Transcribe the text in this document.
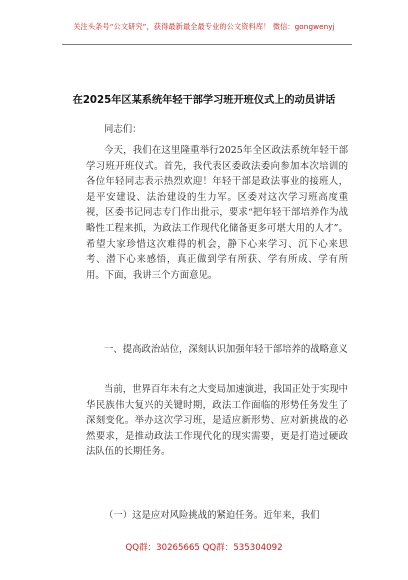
关注头条号“公文研究”，获得最新最全最专业的公文资料库！ 微信：gongwenyj
在2025年区某系统年轻干部学习班开班仪式上的动员讲话
同志们：
今天，我们在这里隆重举行2025年全区政法系统年轻干部学习班开班仪式。首先，我代表区委政法委向参加本次培训的各位年轻同志表示热烈欢迎！年轻干部是政法事业的接班人，是平安建设、法治建设的生力军。区委对这次学习班高度重视，区委书记同志专门作出批示，要求“把年轻干部培养作为战略性工程来抓，为政法工作现代化储备更多可堪大用的人才”。希望大家珍惜这次难得的机会，静下心来学习、沉下心来思考、潜下心来感悟，真正做到学有所获、学有所成、学有所用。下面，我讲三个方面意见。
一、提高政治站位，深刻认识加强年轻干部培养的战略意义
当前，世界百年未有之大变局加速演进，我国正处于实现中华民族伟大复兴的关键时期，政法工作面临的形势任务发生了深刻变化。举办这次学习班，是适应新形势、应对新挑战的必然要求，是推动政法工作现代化的现实需要，更是打造过硬政法队伍的长期任务。
（一）这是应对风险挑战的紧迫任务。近年来，我们
QQ群：30265665 QQ群：535304092
